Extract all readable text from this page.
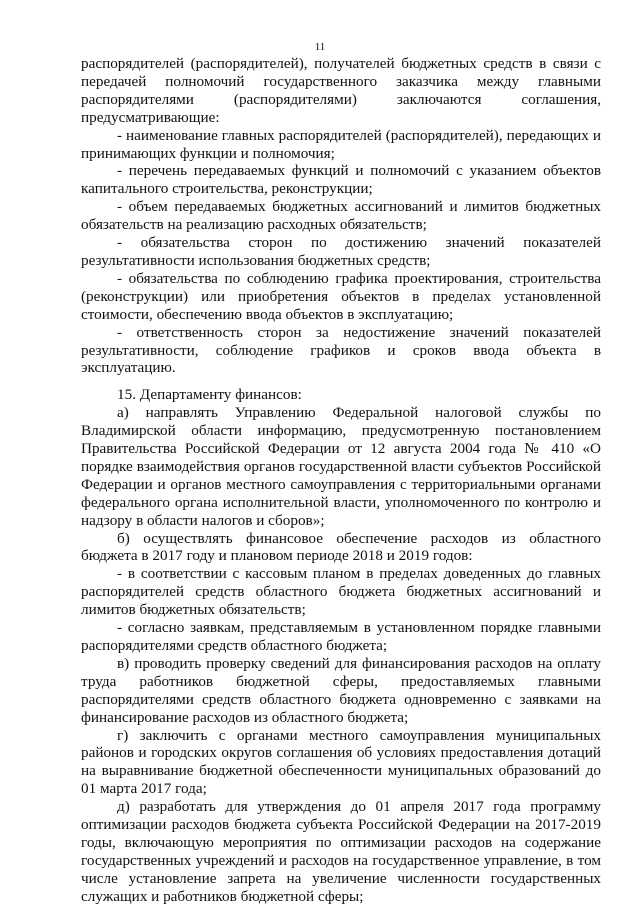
11

распорядителей (распорядителей), получателей бюджетных средств в связи с передачей полномочий государственного заказчика между главными распорядителями (распорядителями) заключаются соглашения, предусматривающие:

- наименование главных распорядителей (распорядителей), передающих и принимающих функции и полномочия;

- перечень передаваемых функций и полномочий с указанием объектов капитального строительства, реконструкции;

- объем передаваемых бюджетных ассигнований и лимитов бюджетных обязательств на реализацию расходных обязательств;

- обязательства сторон по достижению значений показателей результативности использования бюджетных средств;

- обязательства по соблюдению графика проектирования, строительства (реконструкции) или приобретения объектов в пределах установленной стоимости, обеспечению ввода объектов в эксплуатацию;

- ответственность сторон за недостижение значений показателей результативности, соблюдение графиков и сроков ввода объекта в эксплуатацию.

15. Департаменту финансов:

а) направлять Управлению Федеральной налоговой службы по Владимирской области информацию, предусмотренную постановлением Правительства Российской Федерации от 12 августа 2004 года № 410 «О порядке взаимодействия органов государственной власти субъектов Российской Федерации и органов местного самоуправления с территориальными органами федерального органа исполнительной власти, уполномоченного по контролю и надзору в области налогов и сборов»;

б) осуществлять финансовое обеспечение расходов из областного бюджета в 2017 году и плановом периоде 2018 и 2019 годов:

- в соответствии с кассовым планом в пределах доведенных до главных распорядителей средств областного бюджета бюджетных ассигнований и лимитов бюджетных обязательств;

- согласно заявкам, представляемым в установленном порядке главными распорядителями средств областного бюджета;

в) проводить проверку сведений для финансирования расходов на оплату труда работников бюджетной сферы, предоставляемых главными распорядителями средств областного бюджета одновременно с заявками на финансирование расходов из областного бюджета;

г) заключить с органами местного самоуправления муниципальных районов и городских округов соглашения об условиях предоставления дотаций на выравнивание бюджетной обеспеченности муниципальных образований до 01 марта 2017 года;

д) разработать для утверждения до 01 апреля 2017 года программу оптимизации расходов бюджета субъекта Российской Федерации на 2017-2019 годы, включающую мероприятия по оптимизации расходов на содержание государственных учреждений и расходов на государственное управление, в том числе установление запрета на увеличение численности государственных служащих и работников бюджетной сферы;
